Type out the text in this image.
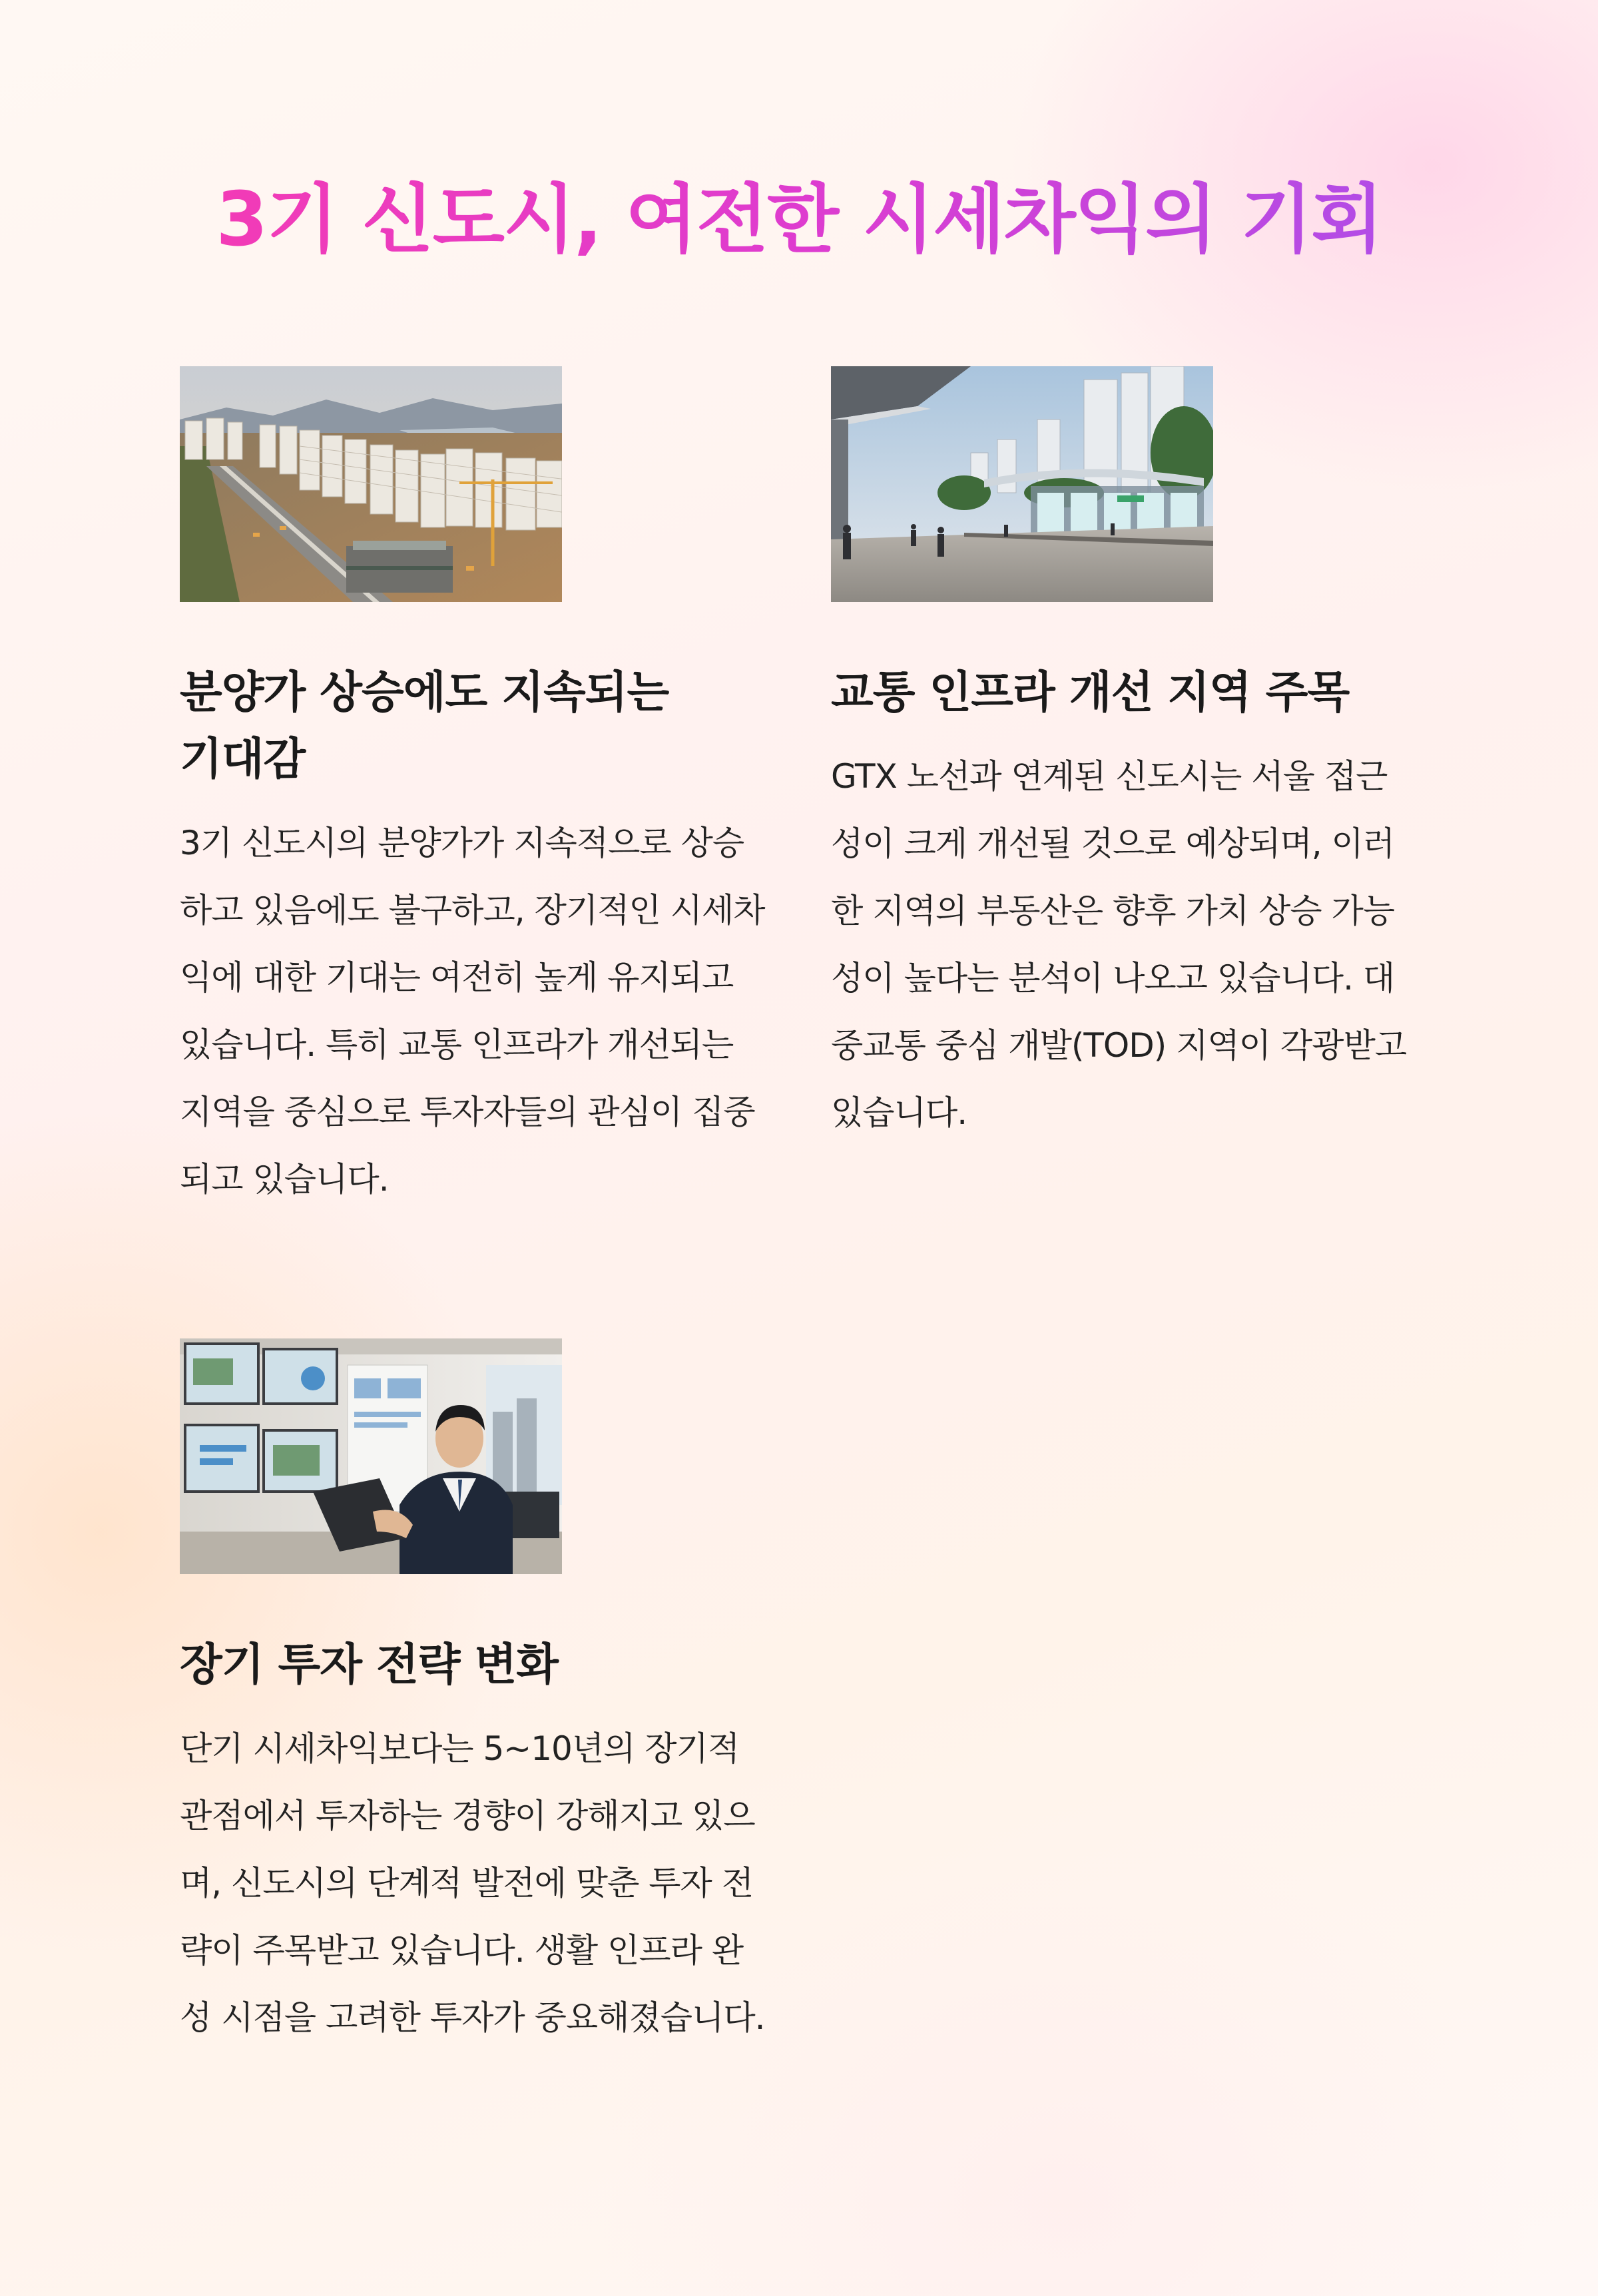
3기 신도시, 여전한 시세차익의 기회
분양가 상승에도 지속되는 기대감

3기 신도시의 분양가가 지속적으로 상승하고 있음에도 불구하고, 장기적인 시세차익에 대한 기대는 여전히 높게 유지되고 있습니다. 특히 교통 인프라가 개선되는 지역을 중심으로 투자자들의 관심이 집중되고 있습니다.

교통 인프라 개선 지역 주목

GTX 노선과 연계된 신도시는 서울 접근성이 크게 개선될 것으로 예상되며, 이러한 지역의 부동산은 향후 가치 상승 가능성이 높다는 분석이 나오고 있습니다. 대중교통 중심 개발(TOD) 지역이 각광받고 있습니다.

장기 투자 전략 변화

단기 시세차익보다는 5~10년의 장기적 관점에서 투자하는 경향이 강해지고 있으며, 신도시의 단계적 발전에 맞춘 투자 전략이 주목받고 있습니다. 생활 인프라 완성 시점을 고려한 투자가 중요해졌습니다.
